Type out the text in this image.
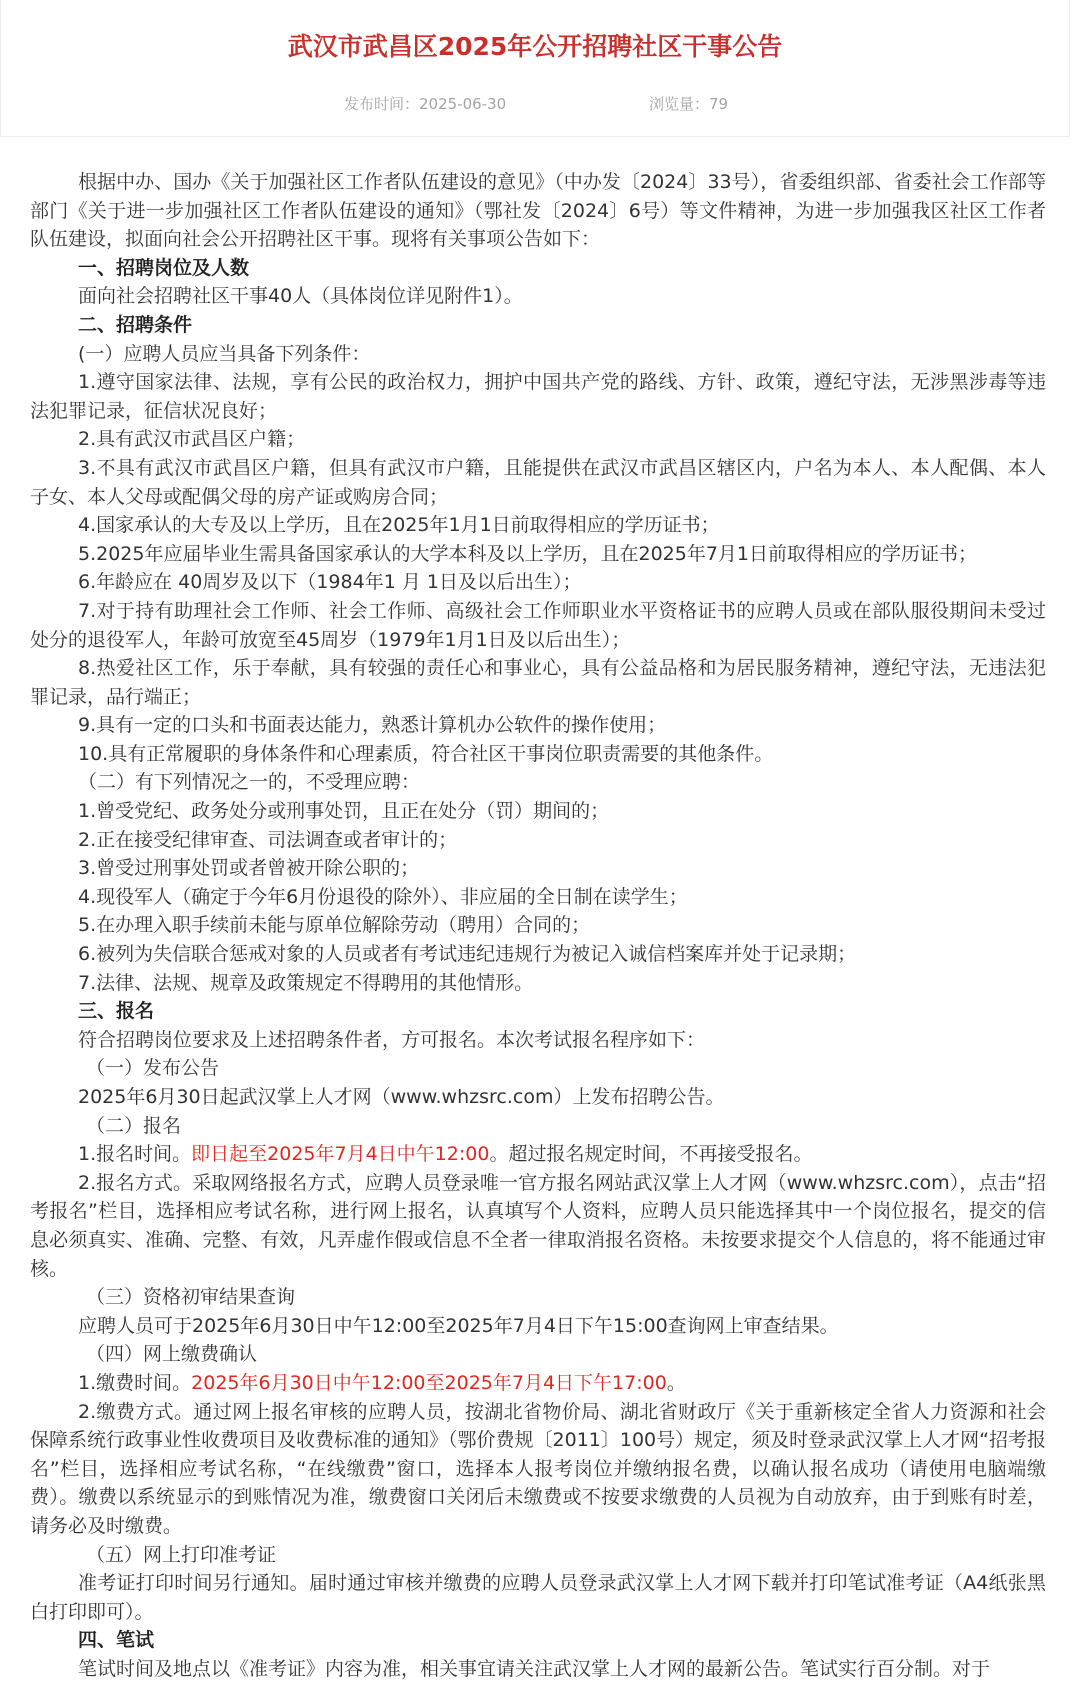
武汉市武昌区2025年公开招聘社区干事公告
发布时间：2025-06-30	浏览量：79

根据中办、国办《关于加强社区工作者队伍建设的意见》（中办发〔2024〕33号），省委组织部、省委社会工作部等部门《关于进一步加强社区工作者队伍建设的通知》（鄂社发〔2024〕6号）等文件精神，为进一步加强我区社区工作者队伍建设，拟面向社会公开招聘社区干事。现将有关事项公告如下：

一、招聘岗位及人数

面向社会招聘社区干事40人（具体岗位详见附件1）。

二、招聘条件

(一）应聘人员应当具备下列条件：

1.遵守国家法律、法规，享有公民的政治权力，拥护中国共产党的路线、方针、政策，遵纪守法，无涉黑涉毒等违法犯罪记录，征信状况良好；

2.具有武汉市武昌区户籍；

3.不具有武汉市武昌区户籍，但具有武汉市户籍，且能提供在武汉市武昌区辖区内，户名为本人、本人配偶、本人子女、本人父母或配偶父母的房产证或购房合同；

4.国家承认的大专及以上学历，且在2025年1月1日前取得相应的学历证书；

5.2025年应届毕业生需具备国家承认的大学本科及以上学历，且在2025年7月1日前取得相应的学历证书；

6.年龄应在 40周岁及以下（1984年1 月 1日及以后出生）；

7.对于持有助理社会工作师、社会工作师、高级社会工作师职业水平资格证书的应聘人员或在部队服役期间未受过处分的退役军人，年龄可放宽至45周岁（1979年1月1日及以后出生）；

8.热爱社区工作，乐于奉献，具有较强的责任心和事业心，具有公益品格和为居民服务精神，遵纪守法，无违法犯罪记录，品行端正；

9.具有一定的口头和书面表达能力，熟悉计算机办公软件的操作使用；

10.具有正常履职的身体条件和心理素质，符合社区干事岗位职责需要的其他条件。

（二）有下列情况之一的，不受理应聘：

1.曾受党纪、政务处分或刑事处罚，且正在处分（罚）期间的；

2.正在接受纪律审查、司法调查或者审计的；

3.曾受过刑事处罚或者曾被开除公职的；

4.现役军人（确定于今年6月份退役的除外）、非应届的全日制在读学生；

5.在办理入职手续前未能与原单位解除劳动（聘用）合同的；

6.被列为失信联合惩戒对象的人员或者有考试违纪违规行为被记入诚信档案库并处于记录期；

7.法律、法规、规章及政策规定不得聘用的其他情形。

三、报名

符合招聘岗位要求及上述招聘条件者，方可报名。本次考试报名程序如下：

（一）发布公告

2025年6月30日起武汉掌上人才网（www.whzsrc.com）上发布招聘公告。

（二）报名

1.报名时间。即日起至2025年7月4日中午12:00。超过报名规定时间，不再接受报名。

2.报名方式。采取网络报名方式，应聘人员登录唯一官方报名网站武汉掌上人才网（www.whzsrc.com），点击“招考报名”栏目，选择相应考试名称，进行网上报名，认真填写个人资料，应聘人员只能选择其中一个岗位报名，提交的信息必须真实、准确、完整、有效，凡弄虚作假或信息不全者一律取消报名资格。未按要求提交个人信息的，将不能通过审核。

（三）资格初审结果查询

应聘人员可于2025年6月30日中午12:00至2025年7月4日下午15:00查询网上审查结果。

（四）网上缴费确认

1.缴费时间。2025年6月30日中午12:00至2025年7月4日下午17:00。

2.缴费方式。通过网上报名审核的应聘人员，按湖北省物价局、湖北省财政厅《关于重新核定全省人力资源和社会保障系统行政事业性收费项目及收费标准的通知》（鄂价费规〔2011〕100号）规定，须及时登录武汉掌上人才网“招考报名”栏目，选择相应考试名称，“在线缴费”窗口，选择本人报考岗位并缴纳报名费，以确认报名成功（请使用电脑端缴费）。缴费以系统显示的到账情况为准，缴费窗口关闭后未缴费或不按要求缴费的人员视为自动放弃，由于到账有时差，请务必及时缴费。

（五）网上打印准考证

准考证打印时间另行通知。届时通过审核并缴费的应聘人员登录武汉掌上人才网下载并打印笔试准考证（A4纸张黑白打印即可）。

四、笔试

笔试时间及地点以《准考证》内容为准，相关事宜请关注武汉掌上人才网的最新公告。笔试实行百分制。对于
